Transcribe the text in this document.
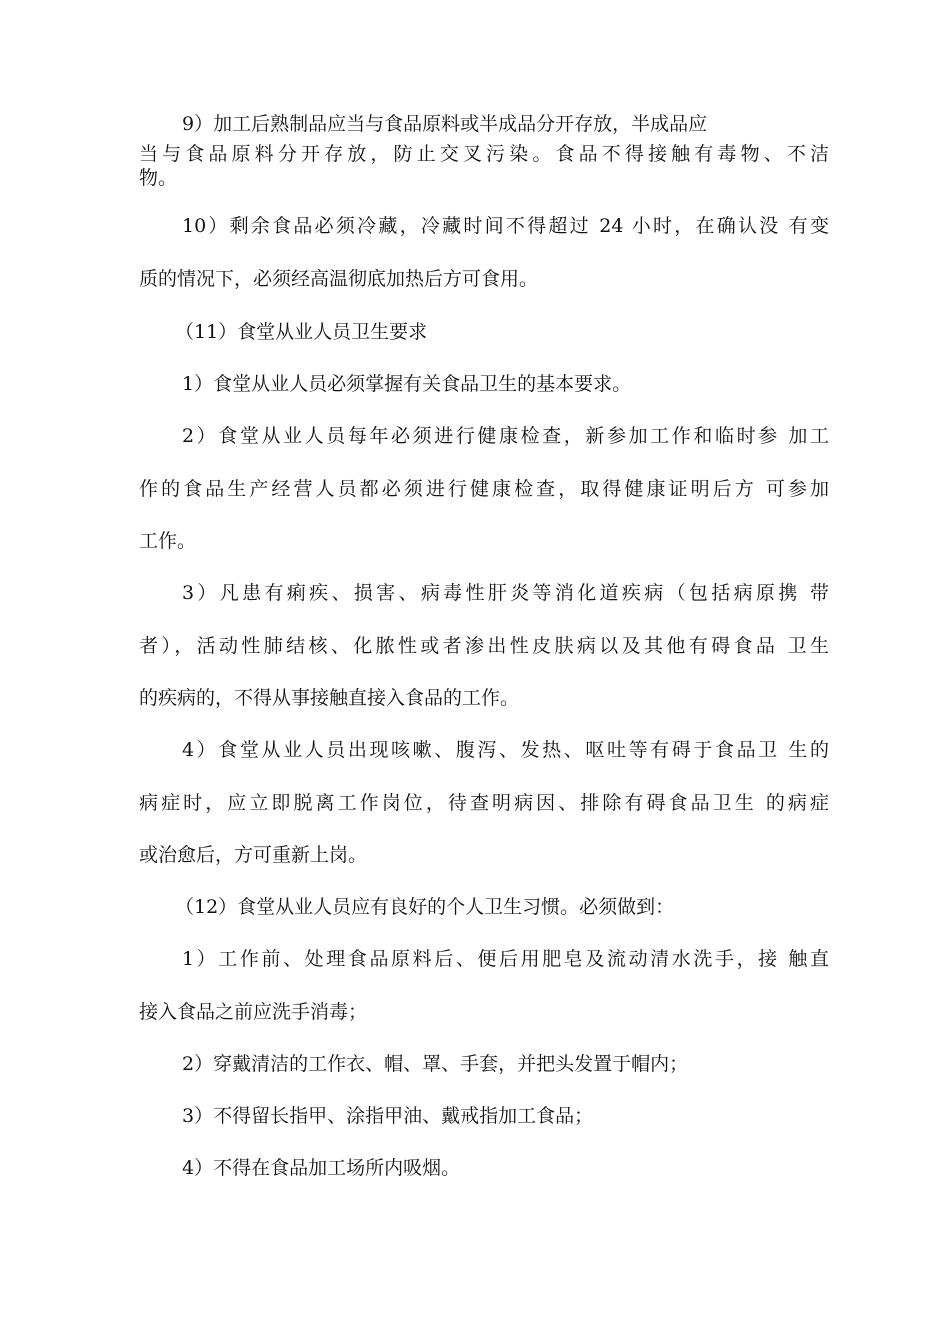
9）加工后熟制品应当与食品原料或半成品分开存放，半成品应
当与食品原料分开存放，防止交叉污染。食品不得接触有毒物、不洁
物。
10）剩余食品必须冷藏，冷藏时间不得超过 24 小时，在确认没 有变
质的情况下，必须经高温彻底加热后方可食用。
（11）食堂从业人员卫生要求
1）食堂从业人员必须掌握有关食品卫生的基本要求。
2）食堂从业人员每年必须进行健康检查，新参加工作和临时参 加工
作的食品生产经营人员都必须进行健康检查，取得健康证明后方 可参加
工作。
3）凡患有痢疾、损害、病毒性肝炎等消化道疾病（包括病原携 带
者），活动性肺结核、化脓性或者渗出性皮肤病以及其他有碍食品 卫生
的疾病的，不得从事接触直接入食品的工作。
4）食堂从业人员出现咳嗽、腹泻、发热、呕吐等有碍于食品卫 生的
病症时，应立即脱离工作岗位，待查明病因、排除有碍食品卫生 的病症
或治愈后，方可重新上岗。
（12）食堂从业人员应有良好的个人卫生习惯。必须做到：
1）工作前、处理食品原料后、便后用肥皂及流动清水洗手，接 触直
接入食品之前应洗手消毒；
2）穿戴清洁的工作衣、帽、罩、手套，并把头发置于帽内；
3）不得留长指甲、涂指甲油、戴戒指加工食品；
4）不得在食品加工场所内吸烟。
